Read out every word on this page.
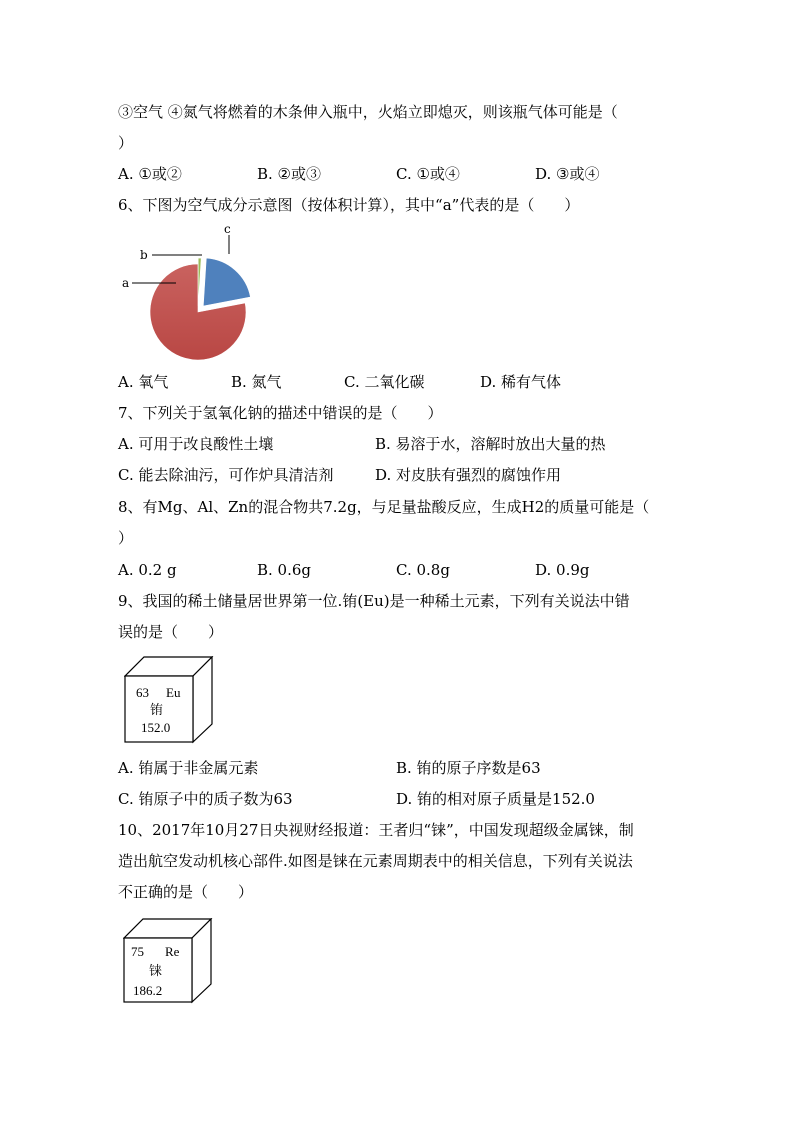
③空气 ④氮气将燃着的木条伸入瓶中，火焰立即熄灭，则该瓶气体可能是（
）
A. ①或②	B. ②或③	C. ①或④	D. ③或④
6、下图为空气成分示意图（按体积计算），其中“a”代表的是（　　）
a
b
c
A. 氧气	B. 氮气	C. 二氧化碳	D. 稀有气体
7、下列关于氢氧化钠的描述中错误的是（　　）
A. 可用于改良酸性土壤	B. 易溶于水，溶解时放出大量的热
C. 能去除油污，可作炉具清洁剂	D. 对皮肤有强烈的腐蚀作用
8、有Mg、Al、Zn的混合物共7.2g，与足量盐酸反应，生成H2的质量可能是（
）
A. 0.2 g	B. 0.6g	C. 0.8g	D. 0.9g
9、我国的稀土储量居世界第一位.铕(Eu)是一种稀土元素，下列有关说法中错
误的是（　　）
63 Eu
铕
152.0
A. 铕属于非金属元素	B. 铕的原子序数是63
C. 铕原子中的质子数为63	D. 铕的相对原子质量是152.0
10、2017年10月27日央视财经报道：王者归“铼”，中国发现超级金属铼，制
造出航空发动机核心部件.如图是铼在元素周期表中的相关信息，下列有关说法
不正确的是（　　）
75 Re
铼
186.2
